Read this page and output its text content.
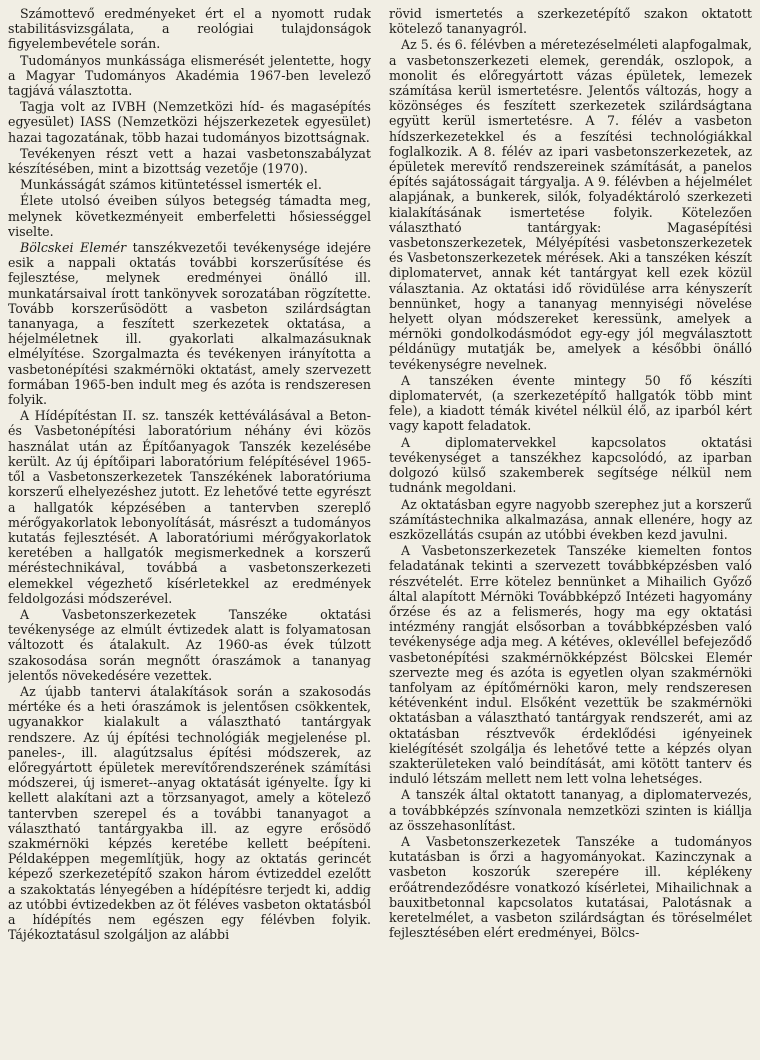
Számottevő eredményeket ért el a nyomott rudak stabilitásvizsgálata, a reológiai tulajdonságok figyelembevétele során.

Tudományos munkássága elismerését jelentette, hogy a Magyar Tudományos Akadémia 1967-ben levelező tagjává választotta.

Tagja volt az IVBH (Nemzetközi híd- és magasépítés egyesület) IASS (Nemzetközi héjszerkezetek egyesület) hazai tagozatának, több hazai tudományos bizottságnak.

Tevékenyen részt vett a hazai vasbetonszabályzat készítésében, mint a bizottság vezetője (1970).

Munkásságát számos kitüntetéssel ismerték el.

Élete utolsó éveiben súlyos betegség támadta meg, melynek következményeit emberfeletti hősiességgel viselte.

Bölcskei Elemér tanszékvezetői tevékenysége idejére esik a nappali oktatás további korszerűsítése és fejlesztése, melynek eredményei önálló ill. munkatársaival írott tankönyvek sorozatában rögzítette. Tovább korszerűsödött a vasbeton szilárdságtan tananyaga, a feszített szerkezetek oktatása, a héjelméletnek ill. gyakorlati alkalmazásuknak elmélyítése. Szorgalmazta és tevékenyen irányította a vasbetonépítési szakmérnöki oktatást, amely szervezett formában 1965-ben indult meg és azóta is rendszeresen folyik.

A Hídépítéstan II. sz. tanszék kettéválásával a Beton- és Vasbetonépítési laboratórium néhány évi közös használat után az Építőanyagok Tanszék kezelésébe került. Az új építőipari laboratórium felépítésével 1965-től a Vasbetonszerkezetek Tanszékének laboratóriuma korszerű elhelyezéshez jutott. Ez lehetővé tette egyrészt a hallgatók képzésében a tantervben szereplő mérőgyakorlatok lebonyolítását, másrészt a tudományos kutatás fejlesztését. A laboratóriumi mérőgyakorlatok keretében a hallgatók megismerkednek a korszerű méréstechnikával, továbbá a vasbetonszerkezeti elemekkel végezhető kísérletekkel az eredmények feldolgozási módszerével.

A Vasbetonszerkezetek Tanszéke oktatási tevékenysége az elmúlt évtizedek alatt is folyamatosan változott és átalakult. Az 1960-as évek túlzott szakosodása során megnőtt óraszámok a tananyag jelentős növekedésére vezettek.

Az újabb tantervi átalakítások során a szakosodás mértéke és a heti óraszámok is jelentősen csökkentek, ugyanakkor kialakult a választható tantárgyak rendszere. Az új építési technológiák megjelenése pl. paneles-, ill. alagútzsalus építési módszerek, az előregyártott épületek merevítőrendszerének számítási módszerei, új ismeret--anyag oktatását igényelte. Így ki kellett alakítani azt a törzsanyagot, amely a kötelező tantervben szerepel és a további tananyagot a választható tantárgyakba ill. az egyre erősödő szakmérnöki képzés keretébe kellett beépíteni. Példaképpen megemlítjük, hogy az oktatás gerincét képező szerkezetépítő szakon három évtizeddel ezelőtt a szakoktatás lényegében a hídépítésre terjedt ki, addig az utóbbi évtizedekben az öt féléves vasbeton oktatásból a hídépítés nem egészen egy félévben folyik. Tájékoztatásul szolgáljon az alábbi

rövid ismertetés a szerkezetépítő szakon oktatott kötelező tananyagról.

Az 5. és 6. félévben a méretezéselméleti alapfogalmak, a vasbetonszerkezeti elemek, gerendák, oszlopok, a monolit és előregyártott vázas épületek, lemezek számítása kerül ismertetésre. Jelentős változás, hogy a közönséges és feszített szerkezetek szilárdságtana együtt kerül ismertetésre. A 7. félév a vasbeton hídszerkezetekkel és a feszítési technológiákkal foglalkozik. A 8. félév az ipari vasbetonszerkezetek, az épületek merevítő rendszereinek számítását, a panelos építés sajátosságait tárgyalja. A 9. félévben a héjelmélet alapjának, a bunkerek, silók, folyadéktároló szerkezeti kialakításának ismertetése folyik. Kötelezően választható tantárgyak: Magasépítési vasbetonszerkezetek, Mélyépítési vasbetonszerkezetek és Vasbetonszerkezetek mérések. Aki a tanszéken készít diplomatervet, annak két tantárgyat kell ezek közül választania. Az oktatási idő rövidülése arra kényszerít bennünket, hogy a tananyag mennyiségi növelése helyett olyan módszereket keressünk, amelyek a mérnöki gondolkodásmódot egy-egy jól megválasztott példánügy mutatják be, amelyek a későbbi önálló tevékenységre nevelnek.

A tanszéken évente mintegy 50 fő készíti diplomatervét, (a szerkezetépítő hallgatók több mint fele), a kiadott témák kivétel nélkül élő, az iparból kért vagy kapott feladatok.

A diplomatervekkel kapcsolatos oktatási tevékenységet a tanszékhez kapcsolódó, az iparban dolgozó külső szakemberek segítsége nélkül nem tudnánk megoldani.

Az oktatásban egyre nagyobb szerephez jut a korszerű számítástechnika alkalmazása, annak ellenére, hogy az eszközellátás csupán az utóbbi években kezd javulni.

A Vasbetonszerkezetek Tanszéke kiemelten fontos feladatának tekinti a szervezett továbbképzésben való részvételét. Erre kötelez bennünket a Mihailich Győző által alapított Mérnöki Továbbképző Intézeti hagyomány őrzése és az a felismerés, hogy ma egy oktatási intézmény rangját elsősorban a továbbképzésben való tevékenysége adja meg. A kétéves, oklevéllel befejeződő vasbetonépítési szakmérnökképzést Bölcskei Elemér szervezte meg és azóta is egyetlen olyan szakmérnöki tanfolyam az építőmérnöki karon, mely rendszeresen kétévenként indul. Elsőként vezettük be szakmérnöki oktatásban a választható tantárgyak rendszerét, ami az oktatásban résztvevők érdeklődési igényeinek kielégítését szolgálja és lehetővé tette a képzés olyan szakterületeken való beindítását, ami kötött tanterv és induló létszám mellett nem lett volna lehetséges.

A tanszék által oktatott tananyag, a diplomatervezés, a továbbképzés színvonala nemzetközi szinten is kiállja az összehasonlítást.

A Vasbetonszerkezetek Tanszéke a tudományos kutatásban is őrzi a hagyományokat. Kazinczynak a vasbeton koszorúk szerepére ill. képlékeny erőátrendeződésre vonatkozó kísérletei, Mihailichnak a bauxitbetonnal kapcsolatos kutatásai, Palotásnak a keretelmélet, a vasbeton szilárdságtan és töréselmélet fejlesztésében elért eredményei, Bölcs-
